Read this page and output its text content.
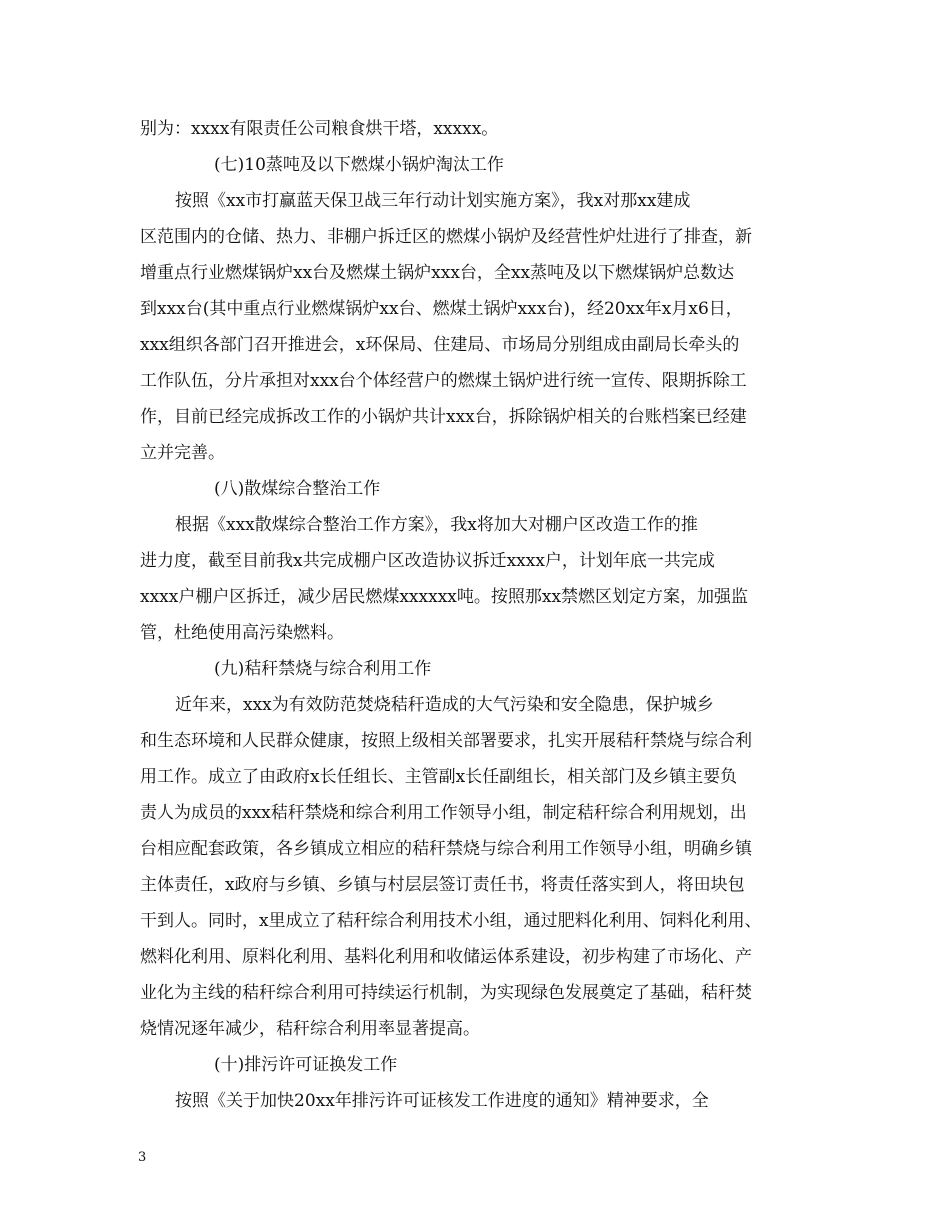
别为：xxxx有限责任公司粮食烘干塔，xxxxx。
(七)10蒸吨及以下燃煤小锅炉淘汰工作
按照《xx市打赢蓝天保卫战三年行动计划实施方案》，我x对那xx建成
区范围内的仓储、热力、非棚户拆迁区的燃煤小锅炉及经营性炉灶进行了排查，新
增重点行业燃煤锅炉xx台及燃煤土锅炉xxx台，全xx蒸吨及以下燃煤锅炉总数达
到xxx台(其中重点行业燃煤锅炉xx台、燃煤土锅炉xxx台)，经20xx年x月x6日，
xxx组织各部门召开推进会，x环保局、住建局、市场局分别组成由副局长牵头的
工作队伍，分片承担对xxx台个体经营户的燃煤土锅炉进行统一宣传、限期拆除工
作，目前已经完成拆改工作的小锅炉共计xxx台，拆除锅炉相关的台账档案已经建
立并完善。
(八)散煤综合整治工作
根据《xxx散煤综合整治工作方案》，我x将加大对棚户区改造工作的推
进力度，截至目前我x共完成棚户区改造协议拆迁xxxx户，计划年底一共完成
xxxx户棚户区拆迁，减少居民燃煤xxxxxx吨。按照那xx禁燃区划定方案，加强监
管，杜绝使用高污染燃料。
(九)秸秆禁烧与综合利用工作
近年来，xxx为有效防范焚烧秸秆造成的大气污染和安全隐患，保护城乡
和生态环境和人民群众健康，按照上级相关部署要求，扎实开展秸秆禁烧与综合利
用工作。成立了由政府x长任组长、主管副x长任副组长，相关部门及乡镇主要负
责人为成员的xxx秸秆禁烧和综合利用工作领导小组，制定秸秆综合利用规划，出
台相应配套政策，各乡镇成立相应的秸秆禁烧与综合利用工作领导小组，明确乡镇
主体责任，x政府与乡镇、乡镇与村层层签订责任书，将责任落实到人，将田块包
干到人。同时，x里成立了秸秆综合利用技术小组，通过肥料化利用、饲料化利用、
燃料化利用、原料化利用、基料化利用和收储运体系建设，初步构建了市场化、产
业化为主线的秸秆综合利用可持续运行机制，为实现绿色发展奠定了基础，秸秆焚
烧情况逐年减少，秸秆综合利用率显著提高。
(十)排污许可证换发工作
按照《关于加快20xx年排污许可证核发工作进度的通知》精神要求，全
3
